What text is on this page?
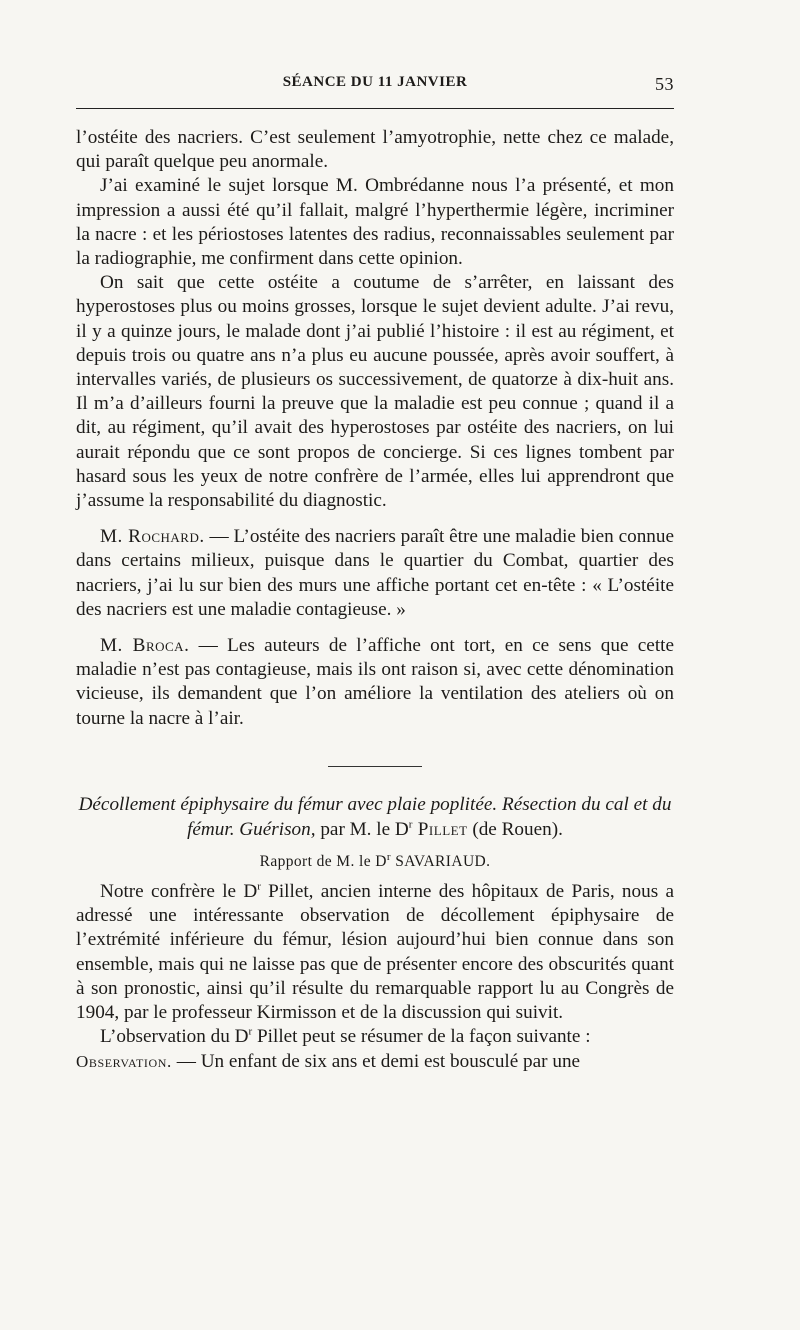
SÉANCE DU 11 JANVIER	53

l’ostéite des nacriers. C’est seulement l’amyotrophie, nette chez ce malade, qui paraît quelque peu anormale.

J’ai examiné le sujet lorsque M. Ombrédanne nous l’a présenté, et mon impression a aussi été qu’il fallait, malgré l’hyperthermie légère, incriminer la nacre : et les périostoses latentes des radius, reconnaissables seulement par la radiographie, me confirment dans cette opinion.

On sait que cette ostéite a coutume de s’arrêter, en laissant des hyperostoses plus ou moins grosses, lorsque le sujet devient adulte. J’ai revu, il y a quinze jours, le malade dont j’ai publié l’histoire : il est au régiment, et depuis trois ou quatre ans n’a plus eu aucune poussée, après avoir souffert, à intervalles variés, de plusieurs os successivement, de quatorze à dix-huit ans. Il m’a d’ailleurs fourni la preuve que la maladie est peu connue ; quand il a dit, au régiment, qu’il avait des hyperostoses par ostéite des nacriers, on lui aurait répondu que ce sont propos de concierge. Si ces lignes tombent par hasard sous les yeux de notre confrère de l’armée, elles lui apprendront que j’assume la responsabilité du diagnostic.

M. Rochard. — L’ostéite des nacriers paraît être une maladie bien connue dans certains milieux, puisque dans le quartier du Combat, quartier des nacriers, j’ai lu sur bien des murs une affiche portant cet en-tête : « L’ostéite des nacriers est une maladie contagieuse. »

M. Broca. — Les auteurs de l’affiche ont tort, en ce sens que cette maladie n’est pas contagieuse, mais ils ont raison si, avec cette dénomination vicieuse, ils demandent que l’on améliore la ventilation des ateliers où on tourne la nacre à l’air.

Décollement épiphysaire du fémur avec plaie poplitée. Résection du cal et du fémur. Guérison, par M. le $D^r$ Pillet (de Rouen).
Rapport de M. le $D^r$ SAVARIAUD.

Notre confrère le $D^r$ Pillet, ancien interne des hôpitaux de Paris, nous a adressé une intéressante observation de décollement épiphysaire de l’extrémité inférieure du fémur, lésion aujourd’hui bien connue dans son ensemble, mais qui ne laisse pas que de présenter encore des obscurités quant à son pronostic, ainsi qu’il résulte du remarquable rapport lu au Congrès de 1904, par le professeur Kirmisson et de la discussion qui suivit.

L’observation du $D^r$ Pillet peut se résumer de la façon suivante :

Observation. — Un enfant de six ans et demi est bousculé par une
